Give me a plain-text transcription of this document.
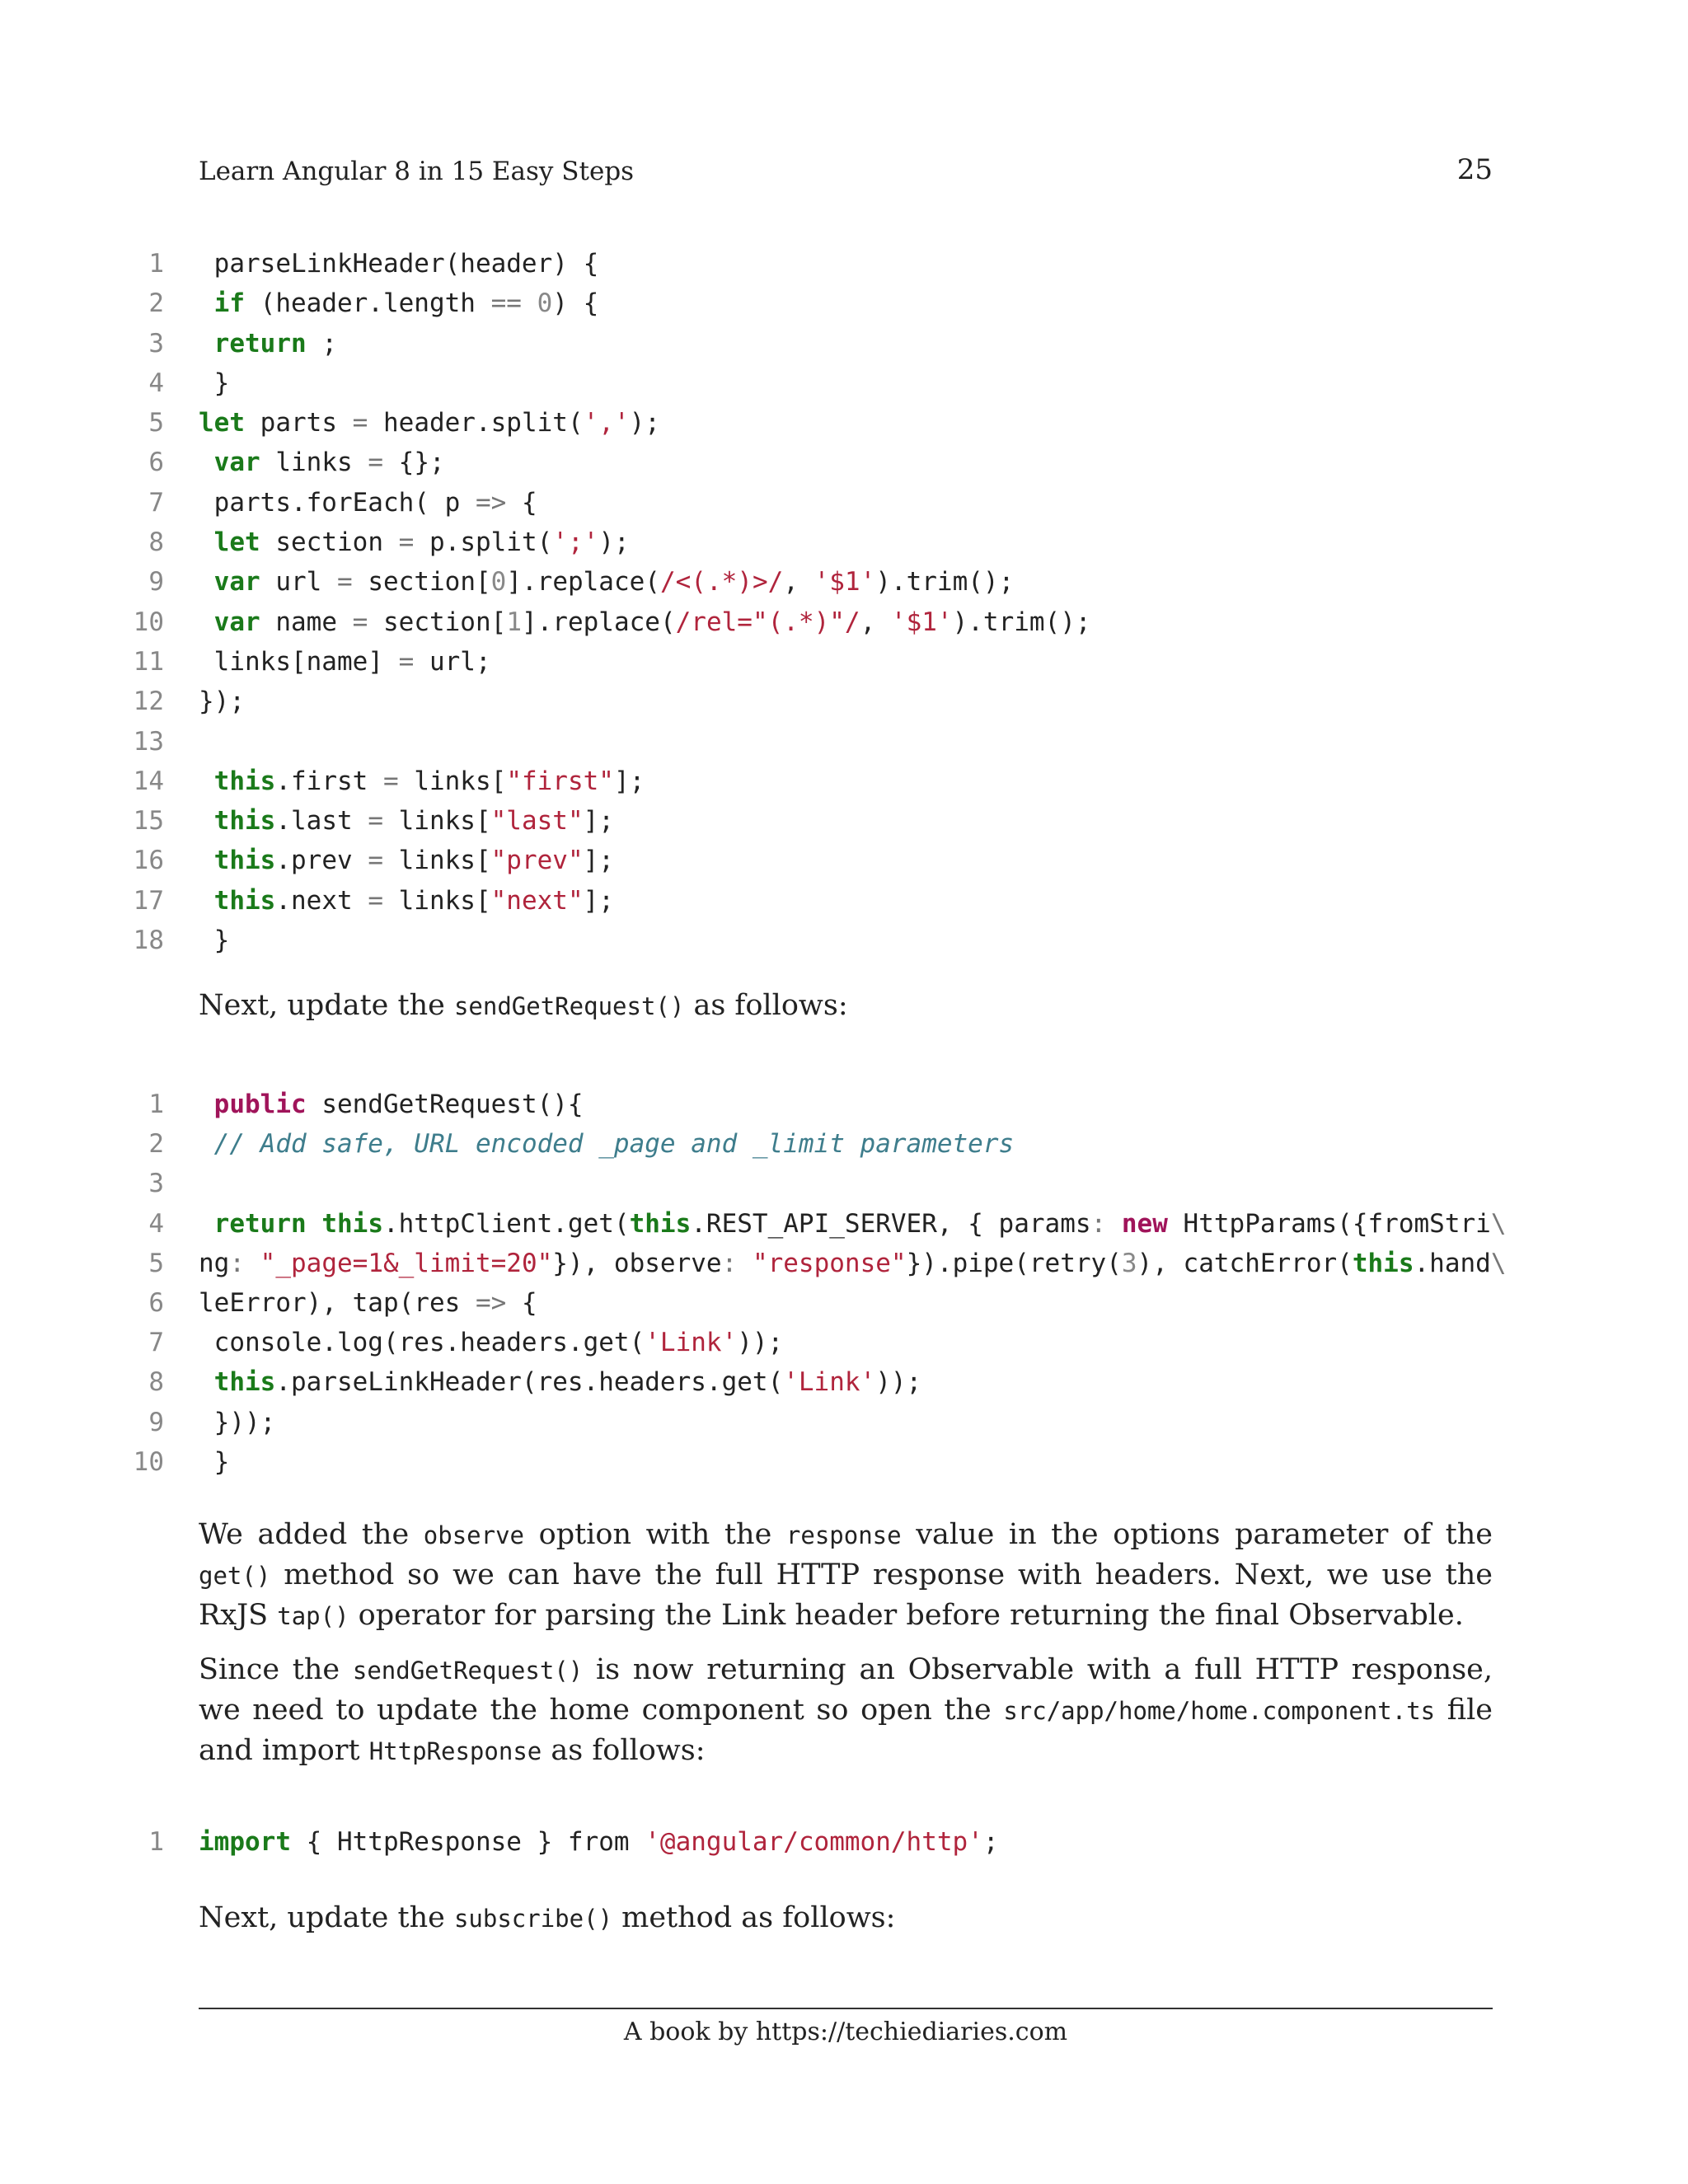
Learn Angular 8 in 15 Easy Steps	25
1 parseLinkHeader(header) {
2	if (header.length == 0) {
3	return ;
4 }
5 let parts = header.split(',');
6	var links = {};
7 parts.forEach( p => {
8	let section = p.split(';');
9	var url = section[0].replace(/<(.*)>/, '$1').trim();
10	var name = section[1].replace(/rel="(.*)"/, '$1').trim();
11 links[name] = url;
12 });
13
14	this.first = links["first"];
15	this.last = links["last"];
16	this.prev = links["prev"];
17	this.next = links["next"];
18 }

Next, update the sendGetRequest() as follows:

1	public sendGetRequest(){
2	// Add safe, URL encoded _page and _limit parameters
3
4	return this.httpClient.get(this.REST_API_SERVER, { params: new HttpParams({fromStri\
5 ng: "_page=1&_limit=20"}), observe: "response"}).pipe(retry(3), catchError(this.hand\
6 leError), tap(res => {
7 console.log(res.headers.get('Link'));
8	this.parseLinkHeader(res.headers.get('Link'));
9 }));
10 }

We added the observe option with the response value in the options parameter of the get() method so we can have the full HTTP response with headers. Next, we use the RxJS tap() operator for parsing the Link header before returning the final Observable.

Since the sendGetRequest() is now returning an Observable with a full HTTP response, we need to update the home component so open the src/app/home/home.component.ts file and import HttpResponse as follows:

1 import { HttpResponse } from '@angular/common/http';

Next, update the subscribe() method as follows:

A book by https://techiediaries.com
